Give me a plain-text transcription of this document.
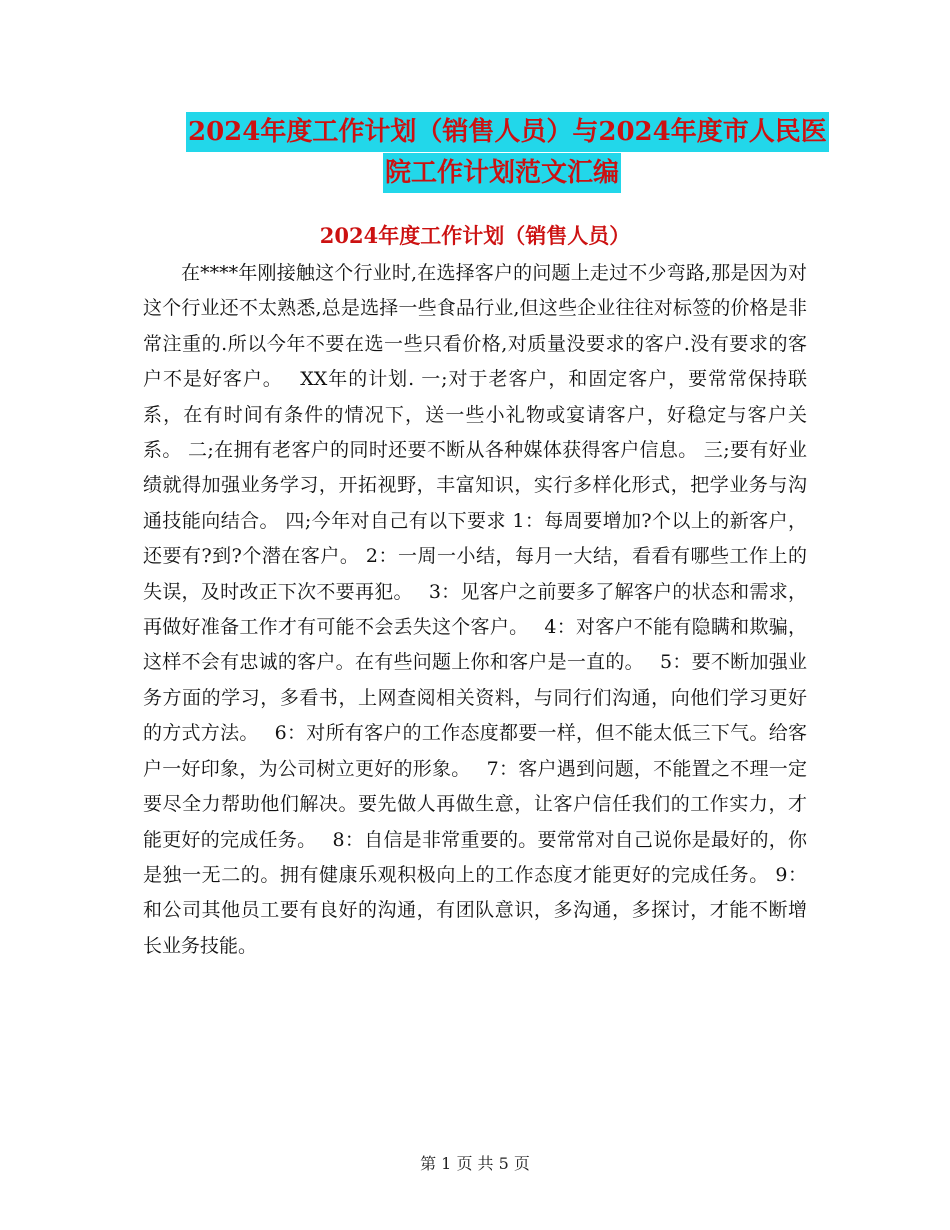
2024年度工作计划（销售人员）与2024年度市人民医
院工作计划范文汇编
2024年度工作计划（销售人员）

在****年刚接触这个行业时,在选择客户的问题上走过不少弯路,那是因为对这个行业还不太熟悉,总是选择一些食品行业,但这些企业往往对标签的价格是非常注重的.所以今年不要在选一些只看价格,对质量没要求的客户.没有要求的客户不是好客户。　 XX年的计划. 一;对于老客户，和固定客户，要常常保持联系，在有时间有条件的情况下，送一些小礼物或宴请客户，好稳定与客户关系。 二;在拥有老客户的同时还要不断从各种媒体获得客户信息。 三;要有好业绩就得加强业务学习，开拓视野，丰富知识，实行多样化形式，把学业务与沟通技能向结合。 四;今年对自己有以下要求 1：每周要增加?个以上的新客户，还要有?到?个潜在客户。 2：一周一小结，每月一大结，看看有哪些工作上的失误，及时改正下次不要再犯。　 3：见客户之前要多了解客户的状态和需求，再做好准备工作才有可能不会丢失这个客户。　 4：对客户不能有隐瞒和欺骗，这样不会有忠诚的客户。在有些问题上你和客户是一直的。　 5：要不断加强业务方面的学习，多看书，上网查阅相关资料，与同行们沟通，向他们学习更好的方式方法。　 6：对所有客户的工作态度都要一样，但不能太低三下气。给客户一好印象，为公司树立更好的形象。　 7：客户遇到问题，不能置之不理一定要尽全力帮助他们解决。要先做人再做生意，让客户信任我们的工作实力，才能更好的完成任务。　 8：自信是非常重要的。要常常对自己说你是最好的，你是独一无二的。拥有健康乐观积极向上的工作态度才能更好的完成任务。 9：和公司其他员工要有良好的沟通，有团队意识，多沟通，多探讨，才能不断增长业务技能。

第 1 页 共 5 页
